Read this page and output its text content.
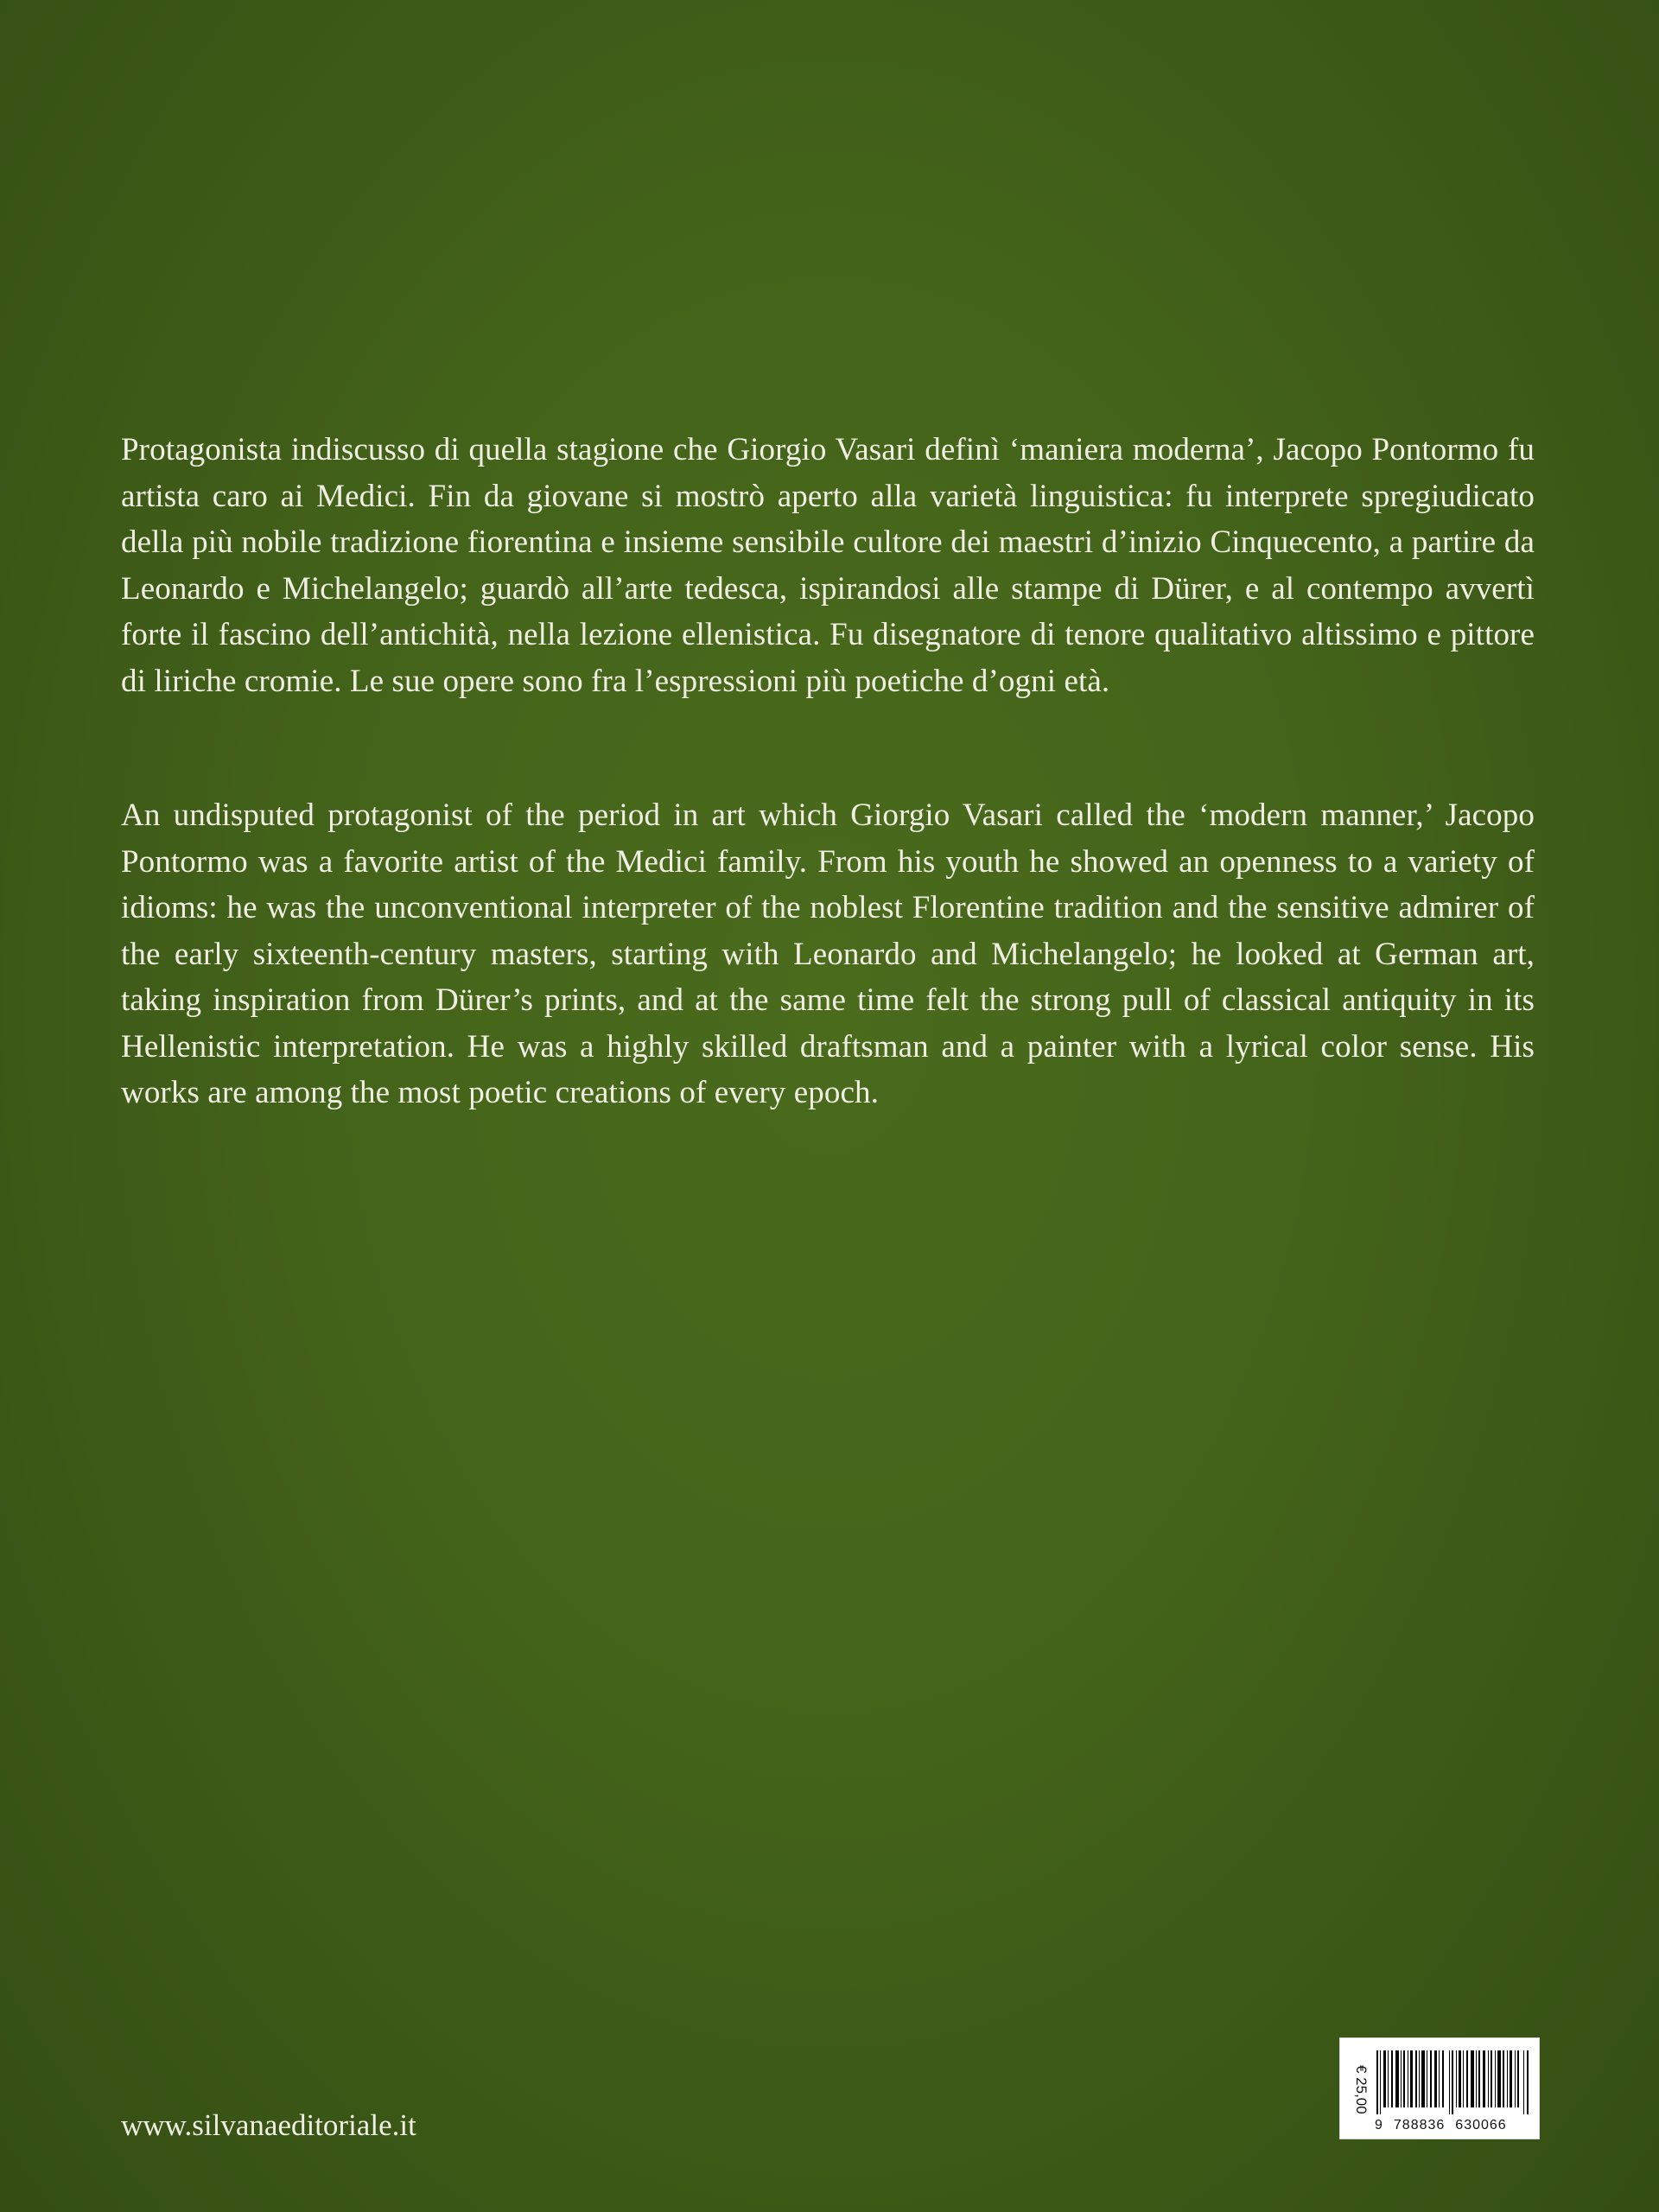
Protagonista indiscusso di quella stagione che Giorgio Vasari definì ‘maniera moderna’, Jacopo Pontormo fu artista caro ai Medici. Fin da giovane si mostrò aperto alla varietà linguistica: fu interprete spregiudicato della più nobile tradizione fiorentina e insieme sensibile cultore dei maestri d’inizio Cinquecento, a partire da Leonardo e Michelangelo; guardò all’arte tedesca, ispirandosi alle stampe di Dürer, e al contempo avvertì forte il fascino dell’antichità, nella lezione ellenistica. Fu disegnatore di tenore qualitativo altissimo e pittore di liriche cromie. Le sue opere sono fra l’espressioni più poetiche d’ogni età.

An undisputed protagonist of the period in art which Giorgio Vasari called the ‘modern manner,’ Jacopo Pontormo was a favorite artist of the Medici family. From his youth he showed an openness to a variety of idioms: he was the unconventional interpreter of the noblest Florentine tradition and the sensitive admirer of the early sixteenth-century masters, starting with Leonardo and Michelangelo; he looked at German art, taking inspiration from Dürer’s prints, and at the same time felt the strong pull of classical antiquity in its Hellenistic interpretation. He was a highly skilled draftsman and a painter with a lyrical color sense. His works are among the most poetic creations of every epoch.

www.silvanaeditoriale.it
€ 25,00
9 788836 630066
